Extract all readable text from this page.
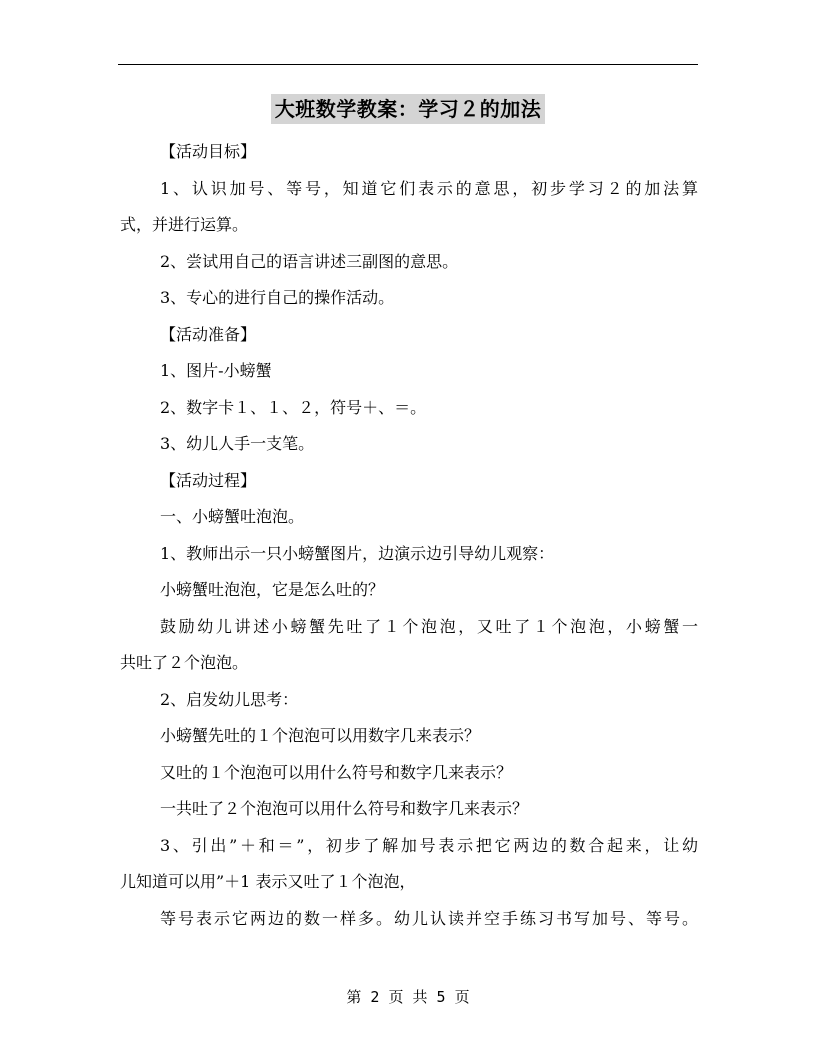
大班数学教案：学习２的加法
【活动目标】
1、认识加号、等号，知道它们表示的意思，初步学习２的加法算
式，并进行运算。
2、尝试用自己的语言讲述三副图的意思。
3、专心的进行自己的操作活动。
【活动准备】
1、图片-小螃蟹
2、数字卡１、１、２，符号＋、＝。
3、幼儿人手一支笔。
【活动过程】
一、小螃蟹吐泡泡。
1、教师出示一只小螃蟹图片，边演示边引导幼儿观察：
小螃蟹吐泡泡，它是怎么吐的？
鼓励幼儿讲述小螃蟹先吐了１个泡泡，又吐了１个泡泡，小螃蟹一
共吐了２个泡泡。
2、启发幼儿思考：
小螃蟹先吐的１个泡泡可以用数字几来表示？
又吐的１个泡泡可以用什么符号和数字几来表示？
一共吐了２个泡泡可以用什么符号和数字几来表示？
3、引出”＋和＝”，初步了解加号表示把它两边的数合起来，让幼
儿知道可以用”＋1 表示又吐了１个泡泡，
等号表示它两边的数一样多。幼儿认读并空手练习书写加号、等号。
第 2 页 共 5 页
